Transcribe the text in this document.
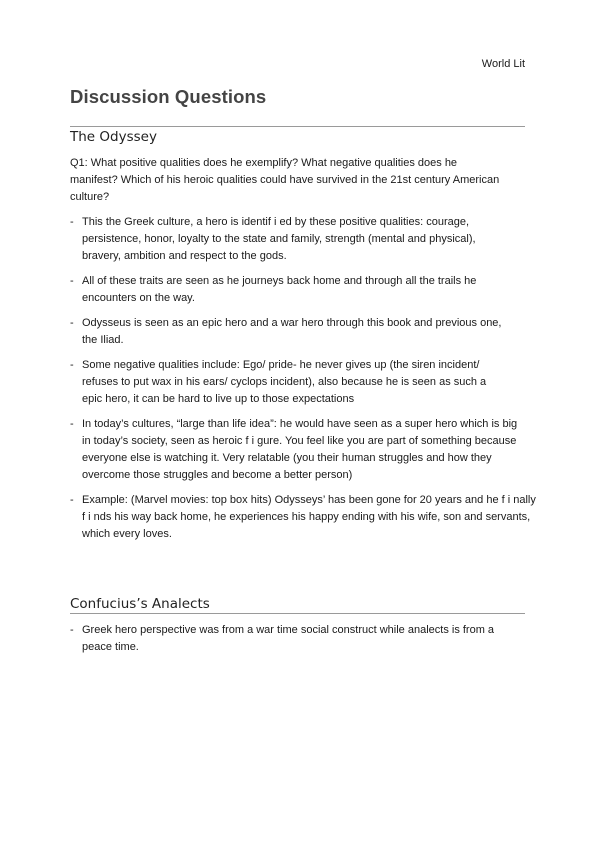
World Lit
Discussion Questions
The Odyssey
Q1: What positive qualities does he exemplify? What negative qualities does he manifest? Which of his heroic qualities could have survived in the 21st century American culture?
- This the Greek culture, a hero is identif i ed by these positive qualities: courage, persistence, honor, loyalty to the state and family, strength (mental and physical), bravery, ambition and respect to the gods.
- All of these traits are seen as he journeys back home and through all the trails he encounters on the way.
- Odysseus is seen as an epic hero and a war hero through this book and previous one, the Iliad.
- Some negative qualities include: Ego/ pride- he never gives up (the siren incident/ refuses to put wax in his ears/ cyclops incident), also because he is seen as such a epic hero, it can be hard to live up to those expectations
- In today’s cultures, “large than life idea”: he would have seen as a super hero which is big in today’s society, seen as heroic f i gure. You feel like you are part of something because everyone else is watching it. Very relatable (you their human struggles and how they overcome those struggles and become a better person)
- Example: (Marvel movies: top box hits) Odysseys’ has been gone for 20 years and he f i nally f i nds his way back home, he experiences his happy ending with his wife, son and servants, which every loves.
Confucius’s Analects
- Greek hero perspective was from a war time social construct while analects is from a peace time.
